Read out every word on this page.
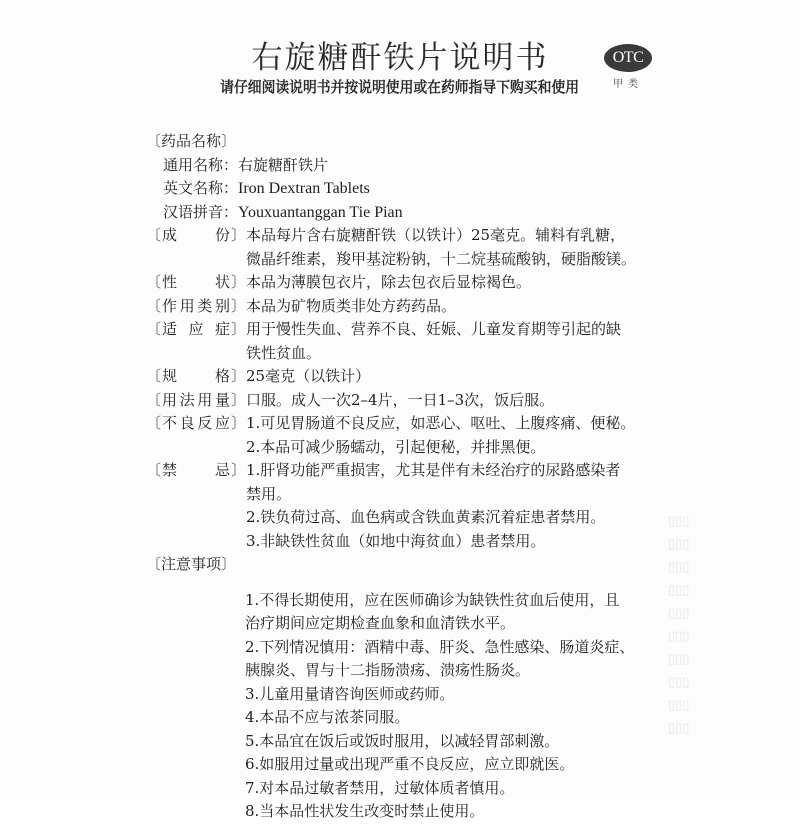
▯▯▯
▯▯▯
▯▯▯
▯▯▯
▯▯▯
▯▯▯
▯▯▯
▯▯▯
▯▯▯
▯▯▯
右旋糖酐铁片说明书
请仔细阅读说明书并按说明使用或在药师指导下购买和使用
OTC
甲类
〔 药品名称 〕
通用名称： 右旋糖酐铁片
英文名称： Iron Dextran Tablets
汉语拼音： Youxuantanggan Tie Pian
〔 成	份 〕 本品每片含右旋糖酐铁（以铁计）25毫克。辅料有乳糖，
微晶纤维素，羧甲基淀粉钠，十二烷基硫酸钠，硬脂酸镁。
〔 性	状 〕 本品为薄膜包衣片，除去包衣后显棕褐色。
〔 作 用 类 别 〕 本品为矿物质类非处方药药品。
〔 适 应 症 〕 用于慢性失血、营养不良、妊娠、儿童发育期等引起的缺
铁性贫血。
〔 规	格 〕 25毫克（以铁计）
〔 用 法 用 量 〕 口服。成人一次2–4片，一日1–3次，饭后服。
〔 不 良 反 应 〕 1.可见胃肠道不良反应，如恶心、呕吐、上腹疼痛、便秘。
2.本品可减少肠蠕动，引起便秘，并排黑便。
〔 禁	忌 〕 1.肝肾功能严重损害，尤其是伴有未经治疗的尿路感染者
禁用。
2.铁负荷过高、血色病或含铁血黄素沉着症患者禁用。
3.非缺铁性贫血（如地中海贫血）患者禁用。
〔 注意事项 〕
1.不得长期使用，应在医师确诊为缺铁性贫血后使用，且
治疗期间应定期检查血象和血清铁水平。
2.下列情况慎用：酒精中毒、肝炎、急性感染、肠道炎症、
胰腺炎、胃与十二指肠溃疡、溃疡性肠炎。
3.儿童用量请咨询医师或药师。
4.本品不应与浓茶同服。
5.本品宜在饭后或饭时服用，以减轻胃部刺激。
6.如服用过量或出现严重不良反应，应立即就医。
7.对本品过敏者禁用，过敏体质者慎用。
8.当本品性状发生改变时禁止使用。
